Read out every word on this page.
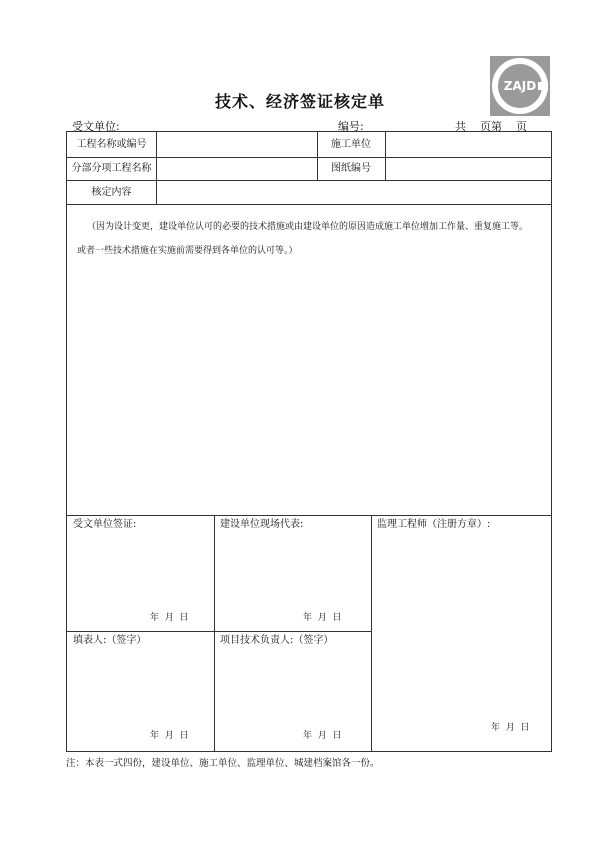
ZAJD
技术、经济签证核定单
受文单位:	编号:	共    页第    页
工程名称或编号	施工单位
分部分项工程名称	图纸编号
核定内容
（因为设计变更，建设单位认可的必要的技术措施或由建设单位的原因造成施工单位增加工作量、重复施工等。
或者一些技术措施在实施前需要得到各单位的认可等。）
受文单位签证:
年  月  日
建设单位现场代表:
年  月  日
监理工程师（注册方章）:
年  月  日
填表人:（签字）
年  月  日
项目技术负责人:（签字）
年  月  日
注：本表一式四份，建设单位、施工单位、监理单位、城建档案馆各一份。
